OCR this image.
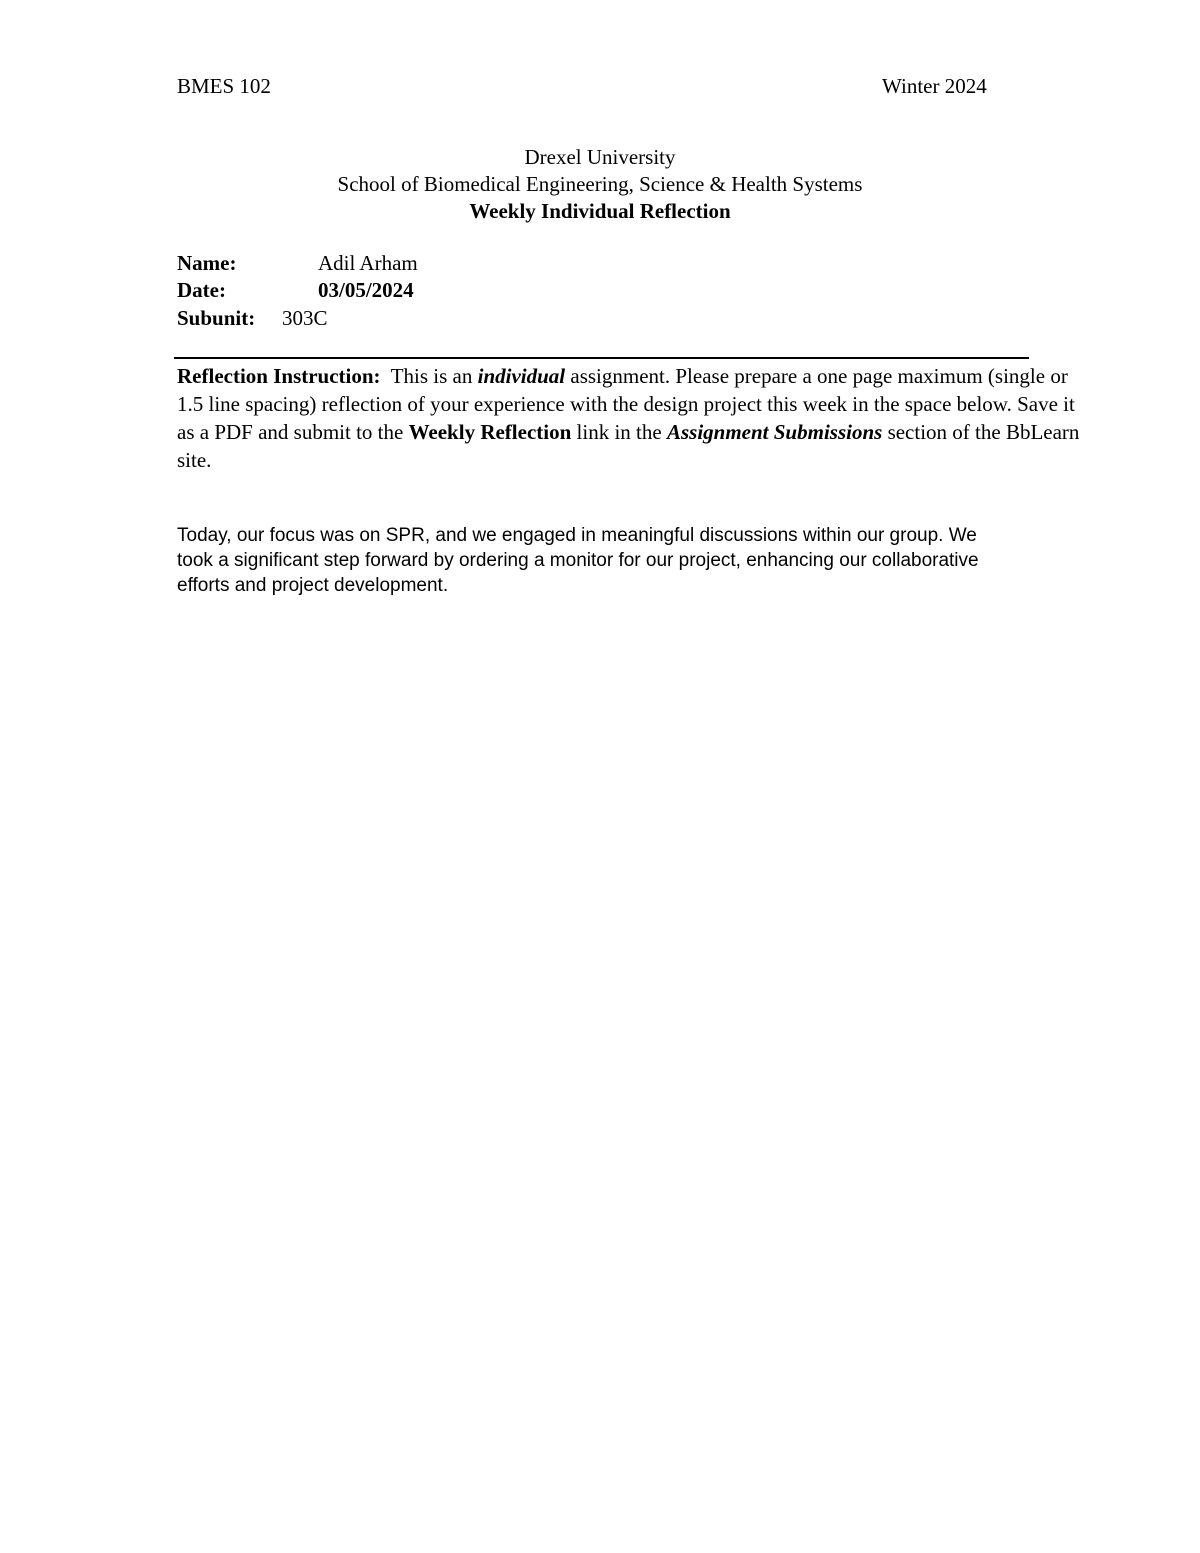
BMES 102	Winter 2024
Drexel University
School of Biomedical Engineering, Science & Health Systems
Weekly Individual Reflection
Name:	Adil Arham
Date:	03/05/2024
Subunit: 303C
Reflection Instruction: This is an individual assignment. Please prepare a one page maximum (single or 1.5 line spacing) reflection of your experience with the design project this week in the space below. Save it as a PDF and submit to the Weekly Reflection link in the Assignment Submissions section of the BbLearn site.
Today, our focus was on SPR, and we engaged in meaningful discussions within our group. We took a significant step forward by ordering a monitor for our project, enhancing our collaborative efforts and project development.
